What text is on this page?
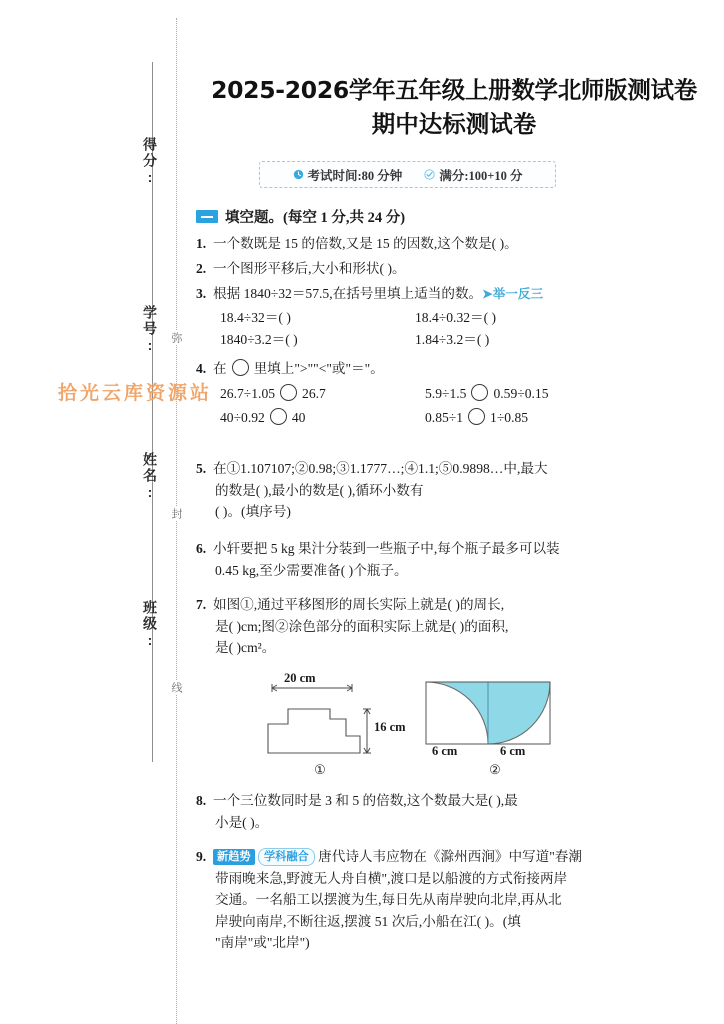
得分:
学号:
姓名:
班级:
弥
封
线
2025-2026学年五年级上册数学北师版测试卷
期中达标测试卷
考试时间:80 分钟	满分:100+10 分
填空题。(每空 1 分,共 24 分)
1. 一个数既是 15 的倍数,又是 15 的因数,这个数是( )。
2. 一个图形平移后,大小和形状( )。
3. 根据 1840÷32＝57.5,在括号里填上适当的数。➤举一反三
18.4÷32＝( )	18.4÷0.32＝( )
1840÷3.2＝( )	1.84÷3.2＝( )
4. 在 里填上">""<"或"＝"。
26.7÷1.05 26.7	5.9÷1.5 0.59÷0.15
40÷0.92 40	0.85÷1 1÷0.85
5. 在①1.107107;②0.98;③1.1777…;④1.1;⑤0.9898…中,最大
的数是( ),最小的数是( ),循环小数有
( )。(填序号)
6. 小轩要把 5 kg 果汁分装到一些瓶子中,每个瓶子最多可以装
0.45 kg,至少需要准备( )个瓶子。
7. 如图①,通过平移图形的周长实际上就是( )的周长,
是( )cm;图②涂色部分的面积实际上就是( )的面积,
是( )cm²。
20 cm
16 cm
6 cm	6 cm
①	②
8. 一个三位数同时是 3 和 5 的倍数,这个数最大是( ),最
小是( )。
9. 新趋势 学科融合 唐代诗人韦应物在《滁州西涧》中写道"春潮
带雨晚来急,野渡无人舟自横",渡口是以船渡的方式衔接两岸
交通。一名船工以摆渡为生,每日先从南岸驶向北岸,再从北
岸驶向南岸,不断往返,摆渡 51 次后,小船在江( )。(填
"南岸"或"北岸")
拾光云库资源站
